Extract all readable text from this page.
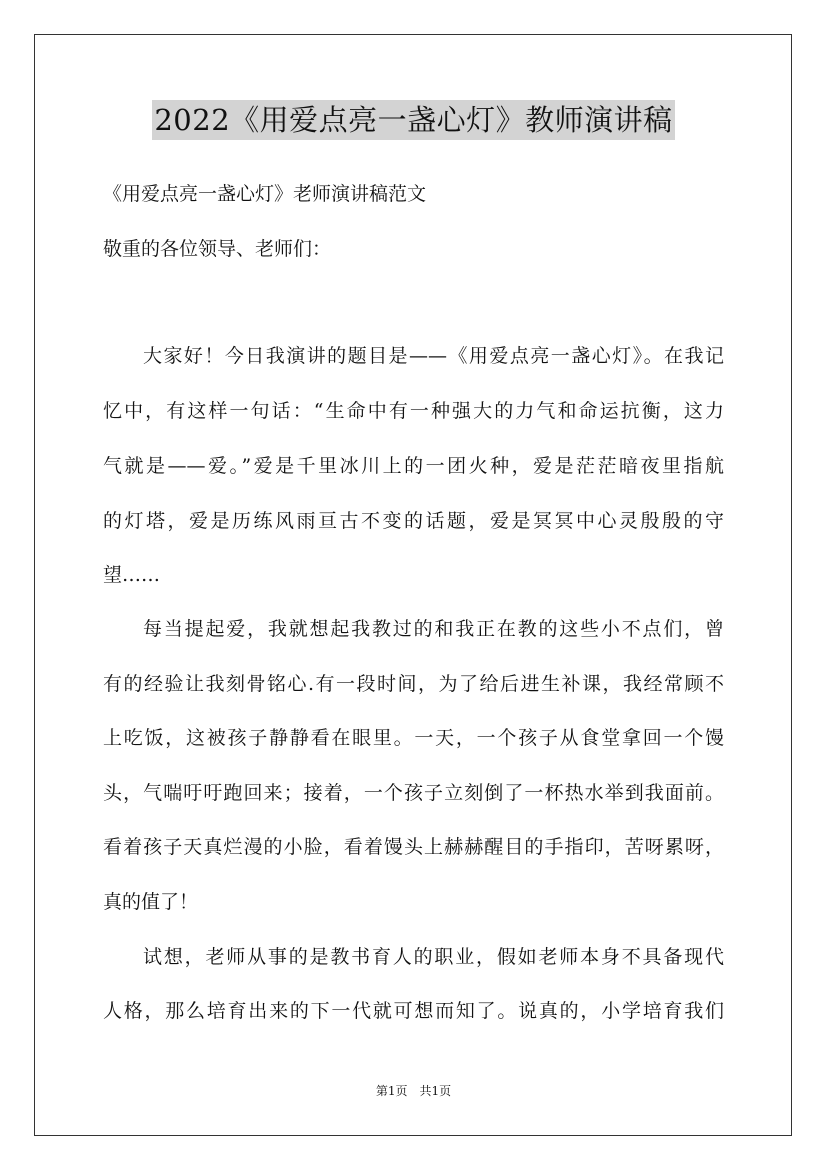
2022《用爱点亮一盏心灯》教师演讲稿
《用爱点亮一盏心灯》老师演讲稿范文
敬重的各位领导、老师们：
大家好！今日我演讲的题目是——《用爱点亮一盏心灯》。在我记
忆中，有这样一句话：“生命中有一种强大的力气和命运抗衡，这力
气就是——爱。”爱是千里冰川上的一团火种，爱是茫茫暗夜里指航
的灯塔，爱是历练风雨亘古不变的话题，爱是冥冥中心灵殷殷的守
望……
每当提起爱，我就想起我教过的和我正在教的这些小不点们，曾
有的经验让我刻骨铭心.有一段时间，为了给后进生补课，我经常顾不
上吃饭，这被孩子静静看在眼里。一天，一个孩子从食堂拿回一个馒
头，气喘吁吁跑回来；接着，一个孩子立刻倒了一杯热水举到我面前。
看着孩子天真烂漫的小脸，看着馒头上赫赫醒目的手指印，苦呀累呀，
真的值了！
试想，老师从事的是教书育人的职业，假如老师本身不具备现代
人格，那么培育出来的下一代就可想而知了。说真的，小学培育我们
第1页　共1页
